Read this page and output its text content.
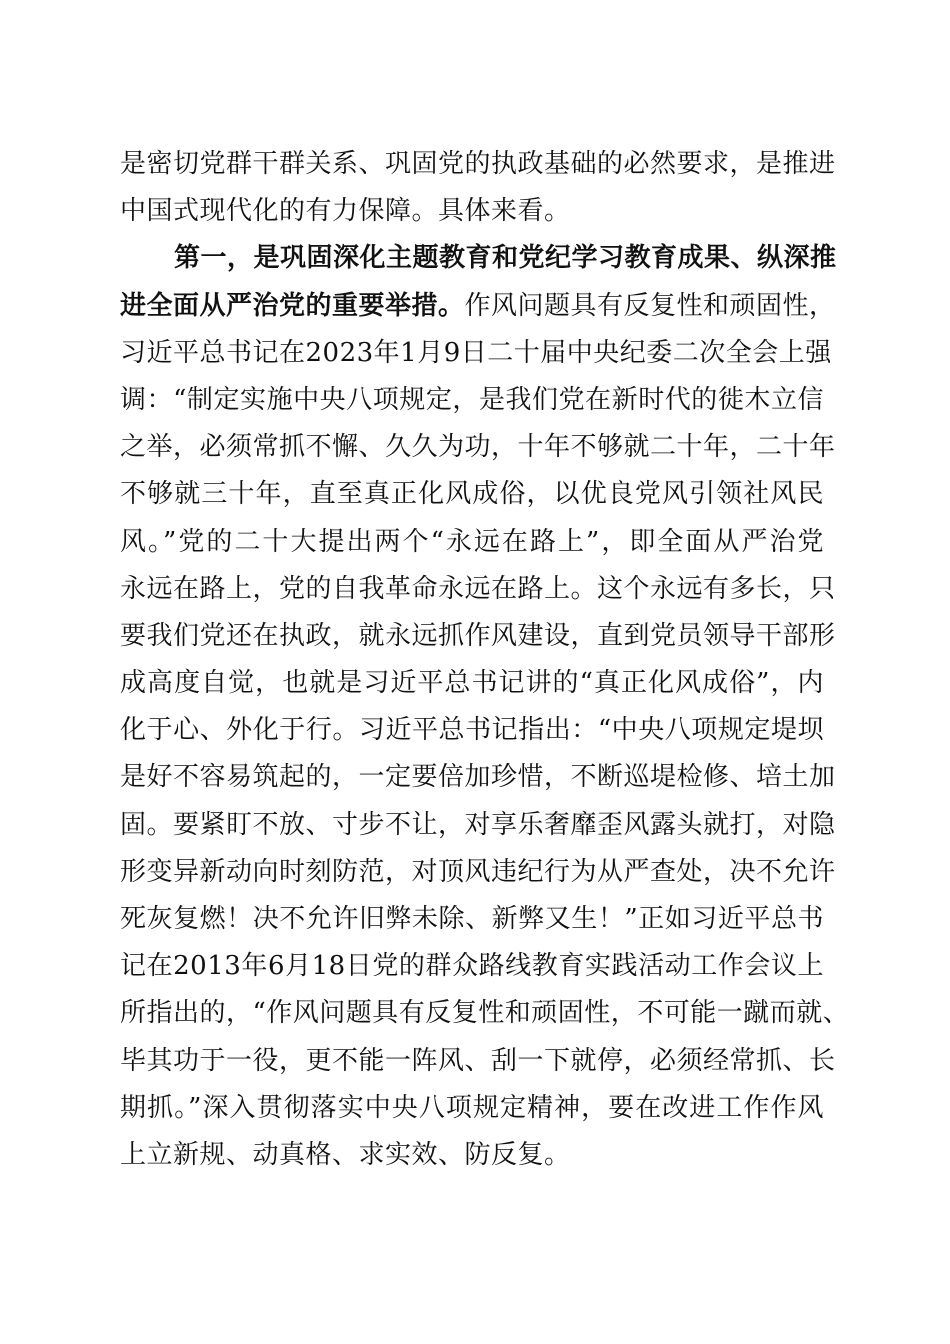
是密切党群干群关系、巩固党的执政基础的必然要求，是推进
中国式现代化的有力保障。具体来看。
第一，是巩固深化主题教育和党纪学习教育成果、纵深推
进全面从严治党的重要举措。作风问题具有反复性和顽固性，
习近平总书记在2023年1月9日二十届中央纪委二次全会上强
调：“制定实施中央八项规定，是我们党在新时代的徙木立信
之举，必须常抓不懈、久久为功，十年不够就二十年，二十年
不够就三十年，直至真正化风成俗，以优良党风引领社风民
风。”党的二十大提出两个“永远在路上”，即全面从严治党
永远在路上，党的自我革命永远在路上。这个永远有多长，只
要我们党还在执政，就永远抓作风建设，直到党员领导干部形
成高度自觉，也就是习近平总书记讲的“真正化风成俗”，内
化于心、外化于行。习近平总书记指出：“中央八项规定堤坝
是好不容易筑起的，一定要倍加珍惜，不断巡堤检修、培土加
固。要紧盯不放、寸步不让，对享乐奢靡歪风露头就打，对隐
形变异新动向时刻防范，对顶风违纪行为从严查处，决不允许
死灰复燃！决不允许旧弊未除、新弊又生！”正如习近平总书
记在2013年6月18日党的群众路线教育实践活动工作会议上
所指出的，“作风问题具有反复性和顽固性，不可能一蹴而就、
毕其功于一役，更不能一阵风、刮一下就停，必须经常抓、长
期抓。”深入贯彻落实中央八项规定精神，要在改进工作作风
上立新规、动真格、求实效、防反复。
